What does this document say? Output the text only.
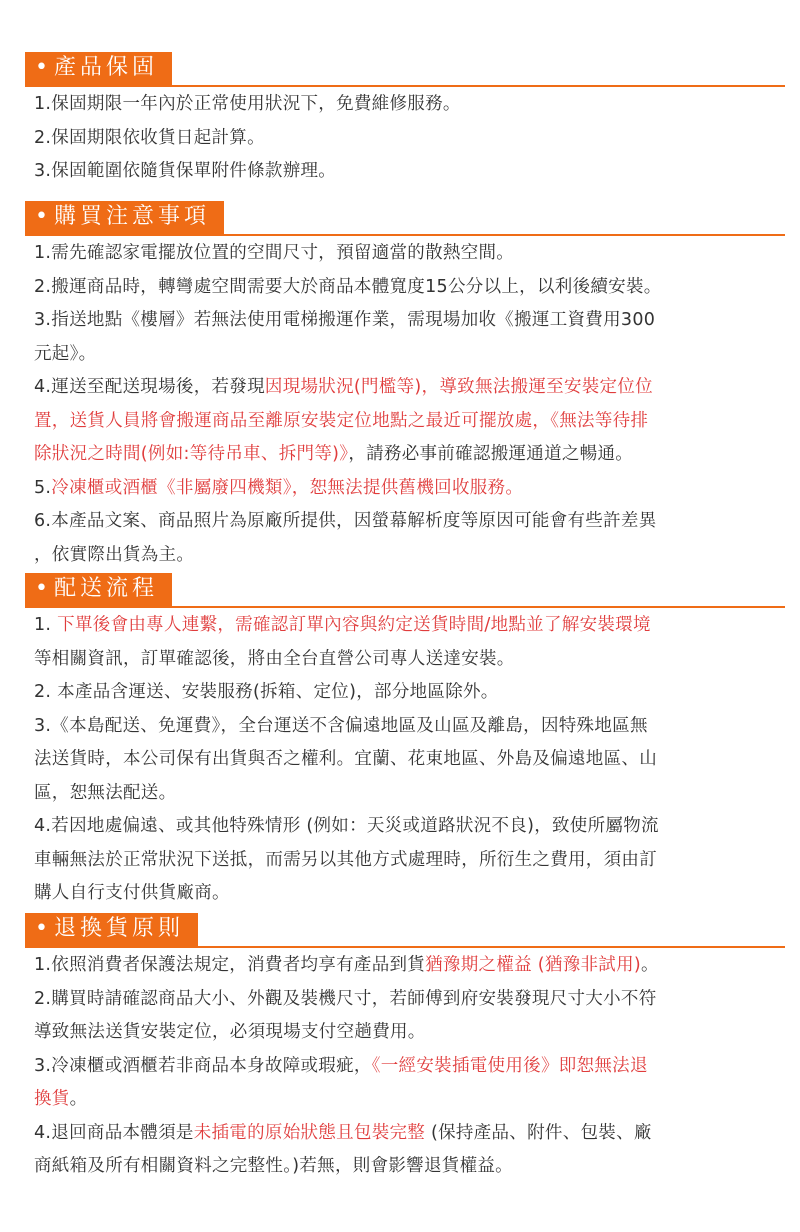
• 產品保固
1.保固期限一年內於正常使用狀況下，免費維修服務。
2.保固期限依收貨日起計算。
3.保固範圍依隨貨保單附件條款辦理。
• 購買注意事項
1.需先確認家電擺放位置的空間尺寸，預留適當的散熱空間。
2.搬運商品時，轉彎處空間需要大於商品本體寬度15公分以上，以利後續安裝。
3.指送地點《樓層》若無法使用電梯搬運作業，需現場加收《搬運工資費用300
元起》。
4.運送至配送現場後，若發現因現場狀況(門檻等)，導致無法搬運至安裝定位位
置，送貨人員將會搬運商品至離原安裝定位地點之最近可擺放處，《無法等待排
除狀況之時間(例如:等待吊車、拆門等)》，請務必事前確認搬運通道之暢通。
5.冷凍櫃或酒櫃《非屬廢四機類》，恕無法提供舊機回收服務。
6.本產品文案、商品照片為原廠所提供，因螢幕解析度等原因可能會有些許差異
，依實際出貨為主。
• 配送流程
1. 下單後會由專人連繫，需確認訂單內容與約定送貨時間/地點並了解安裝環境
等相關資訊，訂單確認後，將由全台直營公司專人送達安裝。
2. 本產品含運送、安裝服務(拆箱、定位)，部分地區除外。
3.《本島配送、免運費》，全台運送不含偏遠地區及山區及離島，因特殊地區無
法送貨時，本公司保有出貨與否之權利。宜蘭、花東地區、外島及偏遠地區、山
區，恕無法配送。
4.若因地處偏遠、或其他特殊情形 (例如：天災或道路狀況不良)，致使所屬物流
車輛無法於正常狀況下送抵，而需另以其他方式處理時，所衍生之費用，須由訂
購人自行支付供貨廠商。
• 退換貨原則
1.依照消費者保護法規定，消費者均享有產品到貨猶豫期之權益 (猶豫非試用)。
2.購買時請確認商品大小、外觀及裝機尺寸，若師傅到府安裝發現尺寸大小不符
導致無法送貨安裝定位，必須現場支付空趟費用。
3.冷凍櫃或酒櫃若非商品本身故障或瑕疵，《一經安裝插電使用後》即恕無法退
換貨。
4.退回商品本體須是未插電的原始狀態且包裝完整 (保持產品、附件、包裝、廠
商紙箱及所有相關資料之完整性。)若無，則會影響退貨權益。
